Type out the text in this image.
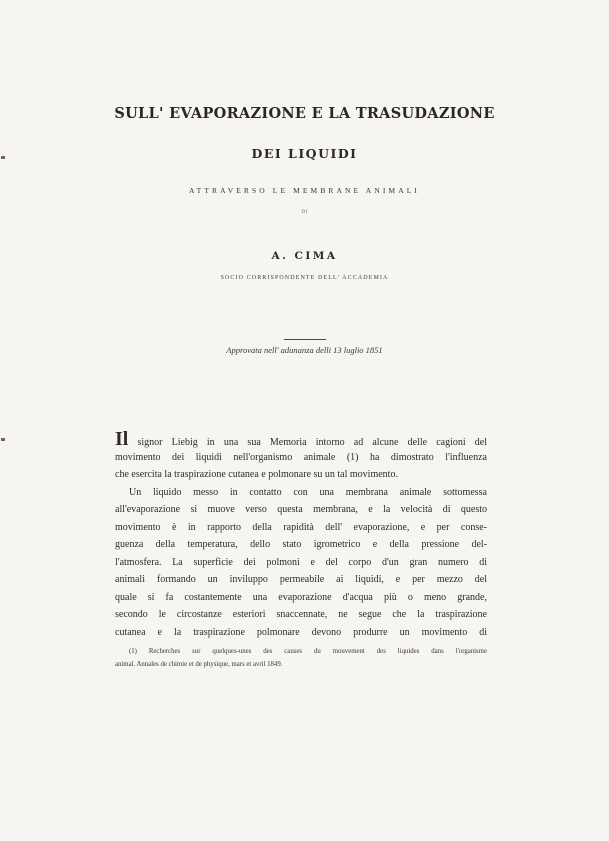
SULL' EVAPORAZIONE E LA TRASUDAZIONE
DEI LIQUIDI
ATTRAVERSO LE MEMBRANE ANIMALI
DI
A. CIMA
SOCIO CORRISPONDENTE DELL' ACCADEMIA
Approvata nell' adunanza delli 13 luglio 1851
Il signor Liebig in una sua Memoria intorno ad alcune delle cagioni del
movimento dei liquidi nell'organismo animale (1) ha dimostrato l'influenza
che esercita la traspirazione cutanea e polmonare su un tal movimento.
Un liquido messo in contatto con una membrana animale sottomessa
all'evaporazione si muove verso questa membrana, e la velocità di questo
movimento è in rapporto della rapidità dell' evaporazione, e per conse-
guenza della temperatura, dello stato igrometrico e della pressione del-
l'atmosfera. La superficie dei polmoni e del corpo d'un gran numero di
animali formando un inviluppo permeabile ai liquidi, e per mezzo del
quale si fa costantemente una evaporazione d'acqua più o meno grande,
secondo le circostanze esteriori snaccennate, ne segue che la traspirazione
cutanea e la traspirazione polmonare devono produrre un movimento di
(1) Recherches sur quelques-unes des causes du mouvement des liquides dans l'organisme
animal. Annales de chimie et de physique, mars et avril 1849.
